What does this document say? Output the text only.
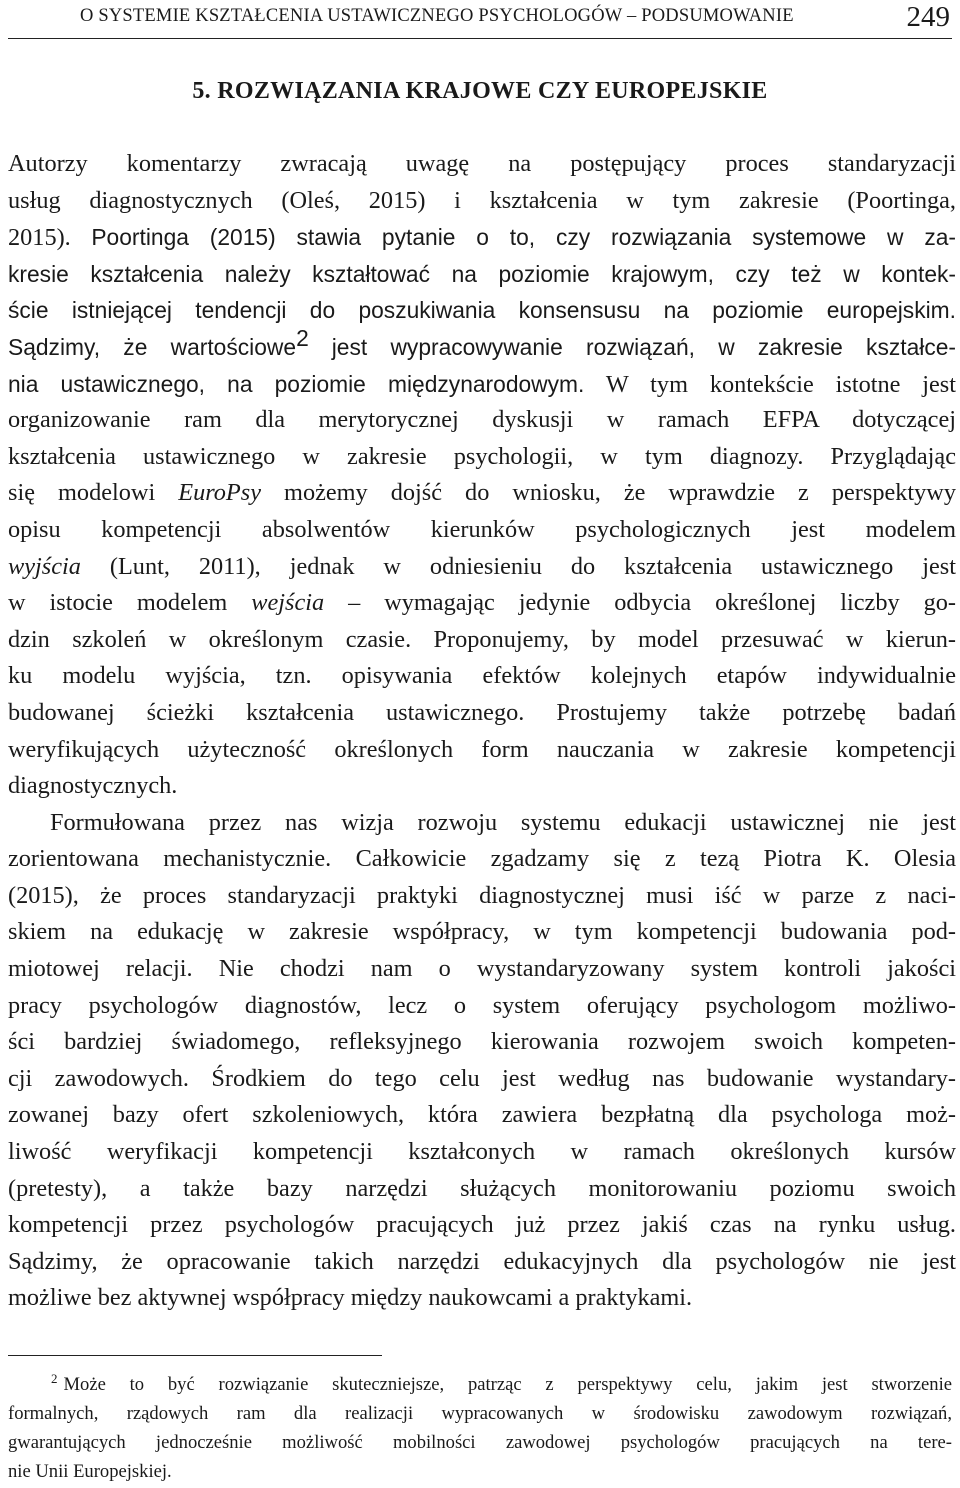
O SYSTEMIE KSZTAŁCENIA USTAWICZNEGO PSYCHOLOGÓW – PODSUMOWANIE	249
5. ROZWIĄZANIA KRAJOWE CZY EUROPEJSKIE
Autorzy komentarzy zwracają uwagę na postępujący proces standaryzacji
usług diagnostycznych (Oleś, 2015) i kształcenia w tym zakresie (Poortinga,
2015). Poortinga (2015) stawia pytanie o to, czy rozwiązania systemowe w za-
kresie kształcenia należy kształtować na poziomie krajowym, czy też w kontek-
ście istniejącej tendencji do poszukiwania konsensusu na poziomie europejskim.
Sądzimy, że wartościowe$^2$ jest wypracowywanie rozwiązań, w zakresie kształce-
nia ustawicznego, na poziomie międzynarodowym. W tym kontekście istotne jest
organizowanie ram dla merytorycznej dyskusji w ramach EFPA dotyczącej
kształcenia ustawicznego w zakresie psychologii, w tym diagnozy. Przyglądając
się modelowi EuroPsy możemy dojść do wniosku, że wprawdzie z perspektywy
opisu kompetencji absolwentów kierunków psychologicznych jest modelem
wyjścia (Lunt, 2011), jednak w odniesieniu do kształcenia ustawicznego jest
w istocie modelem wejścia – wymagając jedynie odbycia określonej liczby go-
dzin szkoleń w określonym czasie. Proponujemy, by model przesuwać w kierun-
ku modelu wyjścia, tzn. opisywania efektów kolejnych etapów indywidualnie
budowanej ścieżki kształcenia ustawicznego. Prostujemy także potrzebę badań
weryfikujących użyteczność określonych form nauczania w zakresie kompetencji
diagnostycznych.
Formułowana przez nas wizja rozwoju systemu edukacji ustawicznej nie jest
zorientowana mechanistycznie. Całkowicie zgadzamy się z tezą Piotra K. Olesia
(2015), że proces standaryzacji praktyki diagnostycznej musi iść w parze z naci-
skiem na edukację w zakresie współpracy, w tym kompetencji budowania pod-
miotowej relacji. Nie chodzi nam o wystandaryzowany system kontroli jakości
pracy psychologów diagnostów, lecz o system oferujący psychologom możliwo-
ści bardziej świadomego, refleksyjnego kierowania rozwojem swoich kompeten-
cji zawodowych. Środkiem do tego celu jest według nas budowanie wystandary-
zowanej bazy ofert szkoleniowych, która zawiera bezpłatną dla psychologa moż-
liwość weryfikacji kompetencji kształconych w ramach określonych kursów
(pretesty), a także bazy narzędzi służących monitorowaniu poziomu swoich
kompetencji przez psychologów pracujących już przez jakiś czas na rynku usług.
Sądzimy, że opracowanie takich narzędzi edukacyjnych dla psychologów nie jest
możliwe bez aktywnej współpracy między naukowcami a praktykami.
$^2$ Może to być rozwiązanie skuteczniejsze, patrząc z perspektywy celu, jakim jest stworzenie
formalnych, rządowych ram dla realizacji wypracowanych w środowisku zawodowym rozwiązań,
gwarantujących jednocześnie możliwość mobilności zawodowej psychologów pracujących na tere-
nie Unii Europejskiej.
